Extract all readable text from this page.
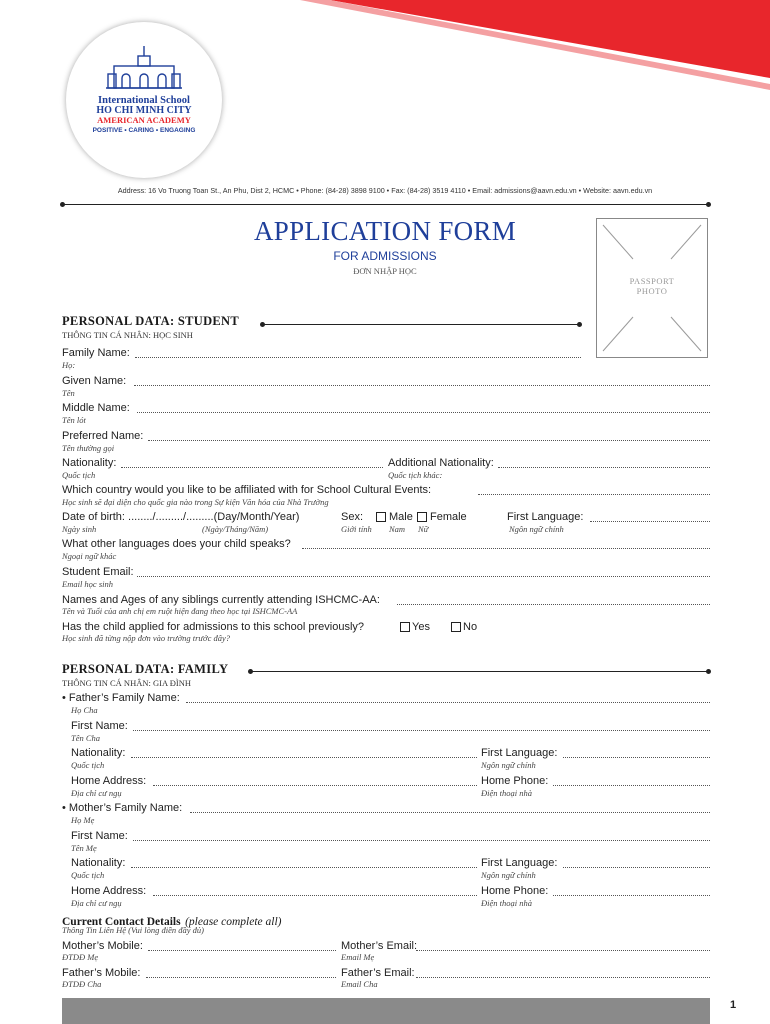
International School
HO CHI MINH CITY
AMERICAN ACADEMY
POSITIVE • CARING • ENGAGING
Address: 16 Vo Truong Toan St., An Phu, Dist 2, HCMC • Phone: (84-28) 3898 9100 • Fax: (84-28) 3519 4110 • Email: admissions@aavn.edu.vn • Website: aavn.edu.vn
APPLICATION FORM
FOR ADMISSIONS
ĐƠN NHẬP HỌC
PASSPORT
PHOTO
PERSONAL DATA: STUDENT
THÔNG TIN CÁ NHÂN: HỌC SINH
Family Name:
Họ:
Given Name:
Tên
Middle Name:
Tên lót
Preferred Name:
Tên thường gọi
Nationality:
Quốc tịch
Additional Nationality:
Quốc tịch khác:
Which country would you like to be affiliated with for School Cultural Events:
Học sinh sẽ đại diện cho quốc gia nào trong Sự kiện Văn hóa của Nhà Trường
Date of birth: ......../........./.........(Day/Month/Year)
Ngày sinh	(Ngày/Tháng/Năm)
Sex: Male Female
Giới tính Nam Nữ
First Language:
Ngôn ngữ chính
What other languages does your child speaks?
Ngoại ngữ khác
Student Email:
Email học sinh
Names and Ages of any siblings currently attending ISHCMC-AA:
Tên và Tuổi của anh chị em ruột hiện đang theo học tại ISHCMC-AA
Has the child applied for admissions to this school previously?	Yes	No
Học sinh đã từng nộp đơn vào trường trước đây?
PERSONAL DATA: FAMILY
THÔNG TIN CÁ NHÂN: GIA ĐÌNH
• Father’s Family Name:
Họ Cha
First Name:
Tên Cha
Nationality:
Quốc tịch
First Language:
Ngôn ngữ chính
Home Address:
Địa chỉ cư ngụ
Home Phone:
Điện thoại nhà
• Mother’s Family Name:
Họ Mẹ
First Name:
Tên Mẹ
Nationality:
Quốc tịch
First Language:
Ngôn ngữ chính
Home Address:
Địa chỉ cư ngụ
Home Phone:
Điện thoại nhà
Current Contact Details (please complete all)
Thông Tin Liên Hệ (Vui lòng điền đầy đủ)
Mother’s Mobile:
ĐTDĐ Mẹ
Mother’s Email:
Email Mẹ
Father’s Mobile:
ĐTDĐ Cha
Father’s Email:
Email Cha
1
